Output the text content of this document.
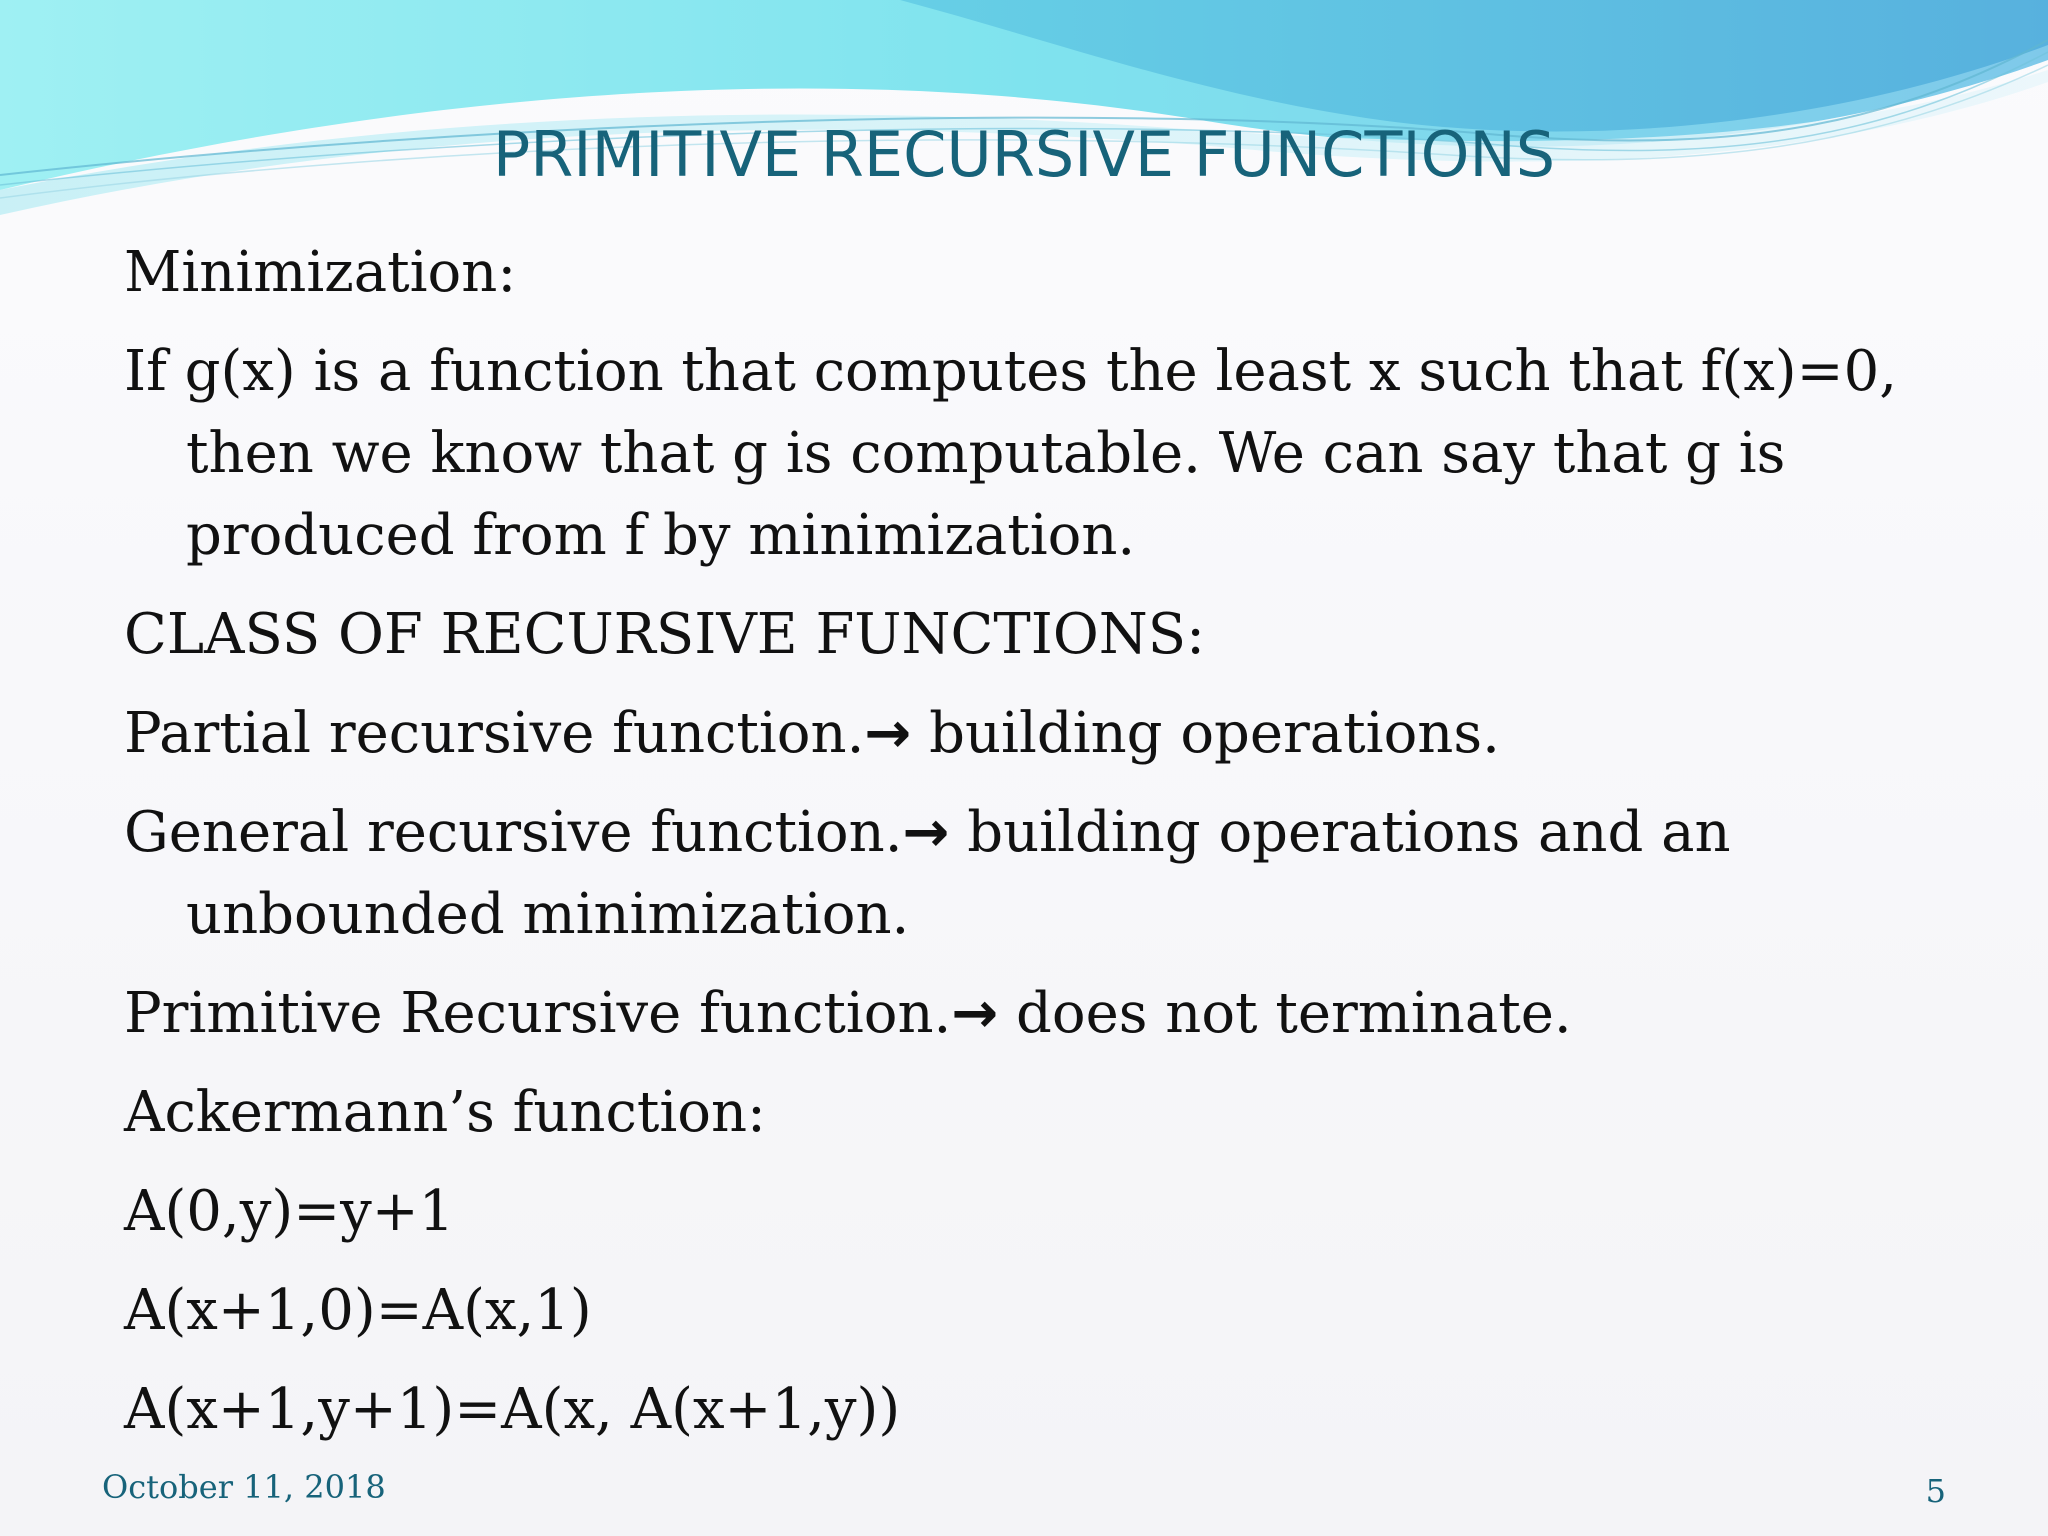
PRIMITIVE RECURSIVE FUNCTIONS

Minimization:

If g(x) is a function that computes the least x such that f(x)=0, then we know that g is computable. We can say that g is produced from f by minimization.

CLASS OF RECURSIVE FUNCTIONS:

Partial recursive function.→ building operations.

General recursive function.→ building operations and an unbounded minimization.

Primitive Recursive function.→ does not terminate.

Ackermann’s function:

A(0,y)=y+1

A(x+1,0)=A(x,1)

A(x+1,y+1)=A(x, A(x+1,y))

October 11, 2018	5
